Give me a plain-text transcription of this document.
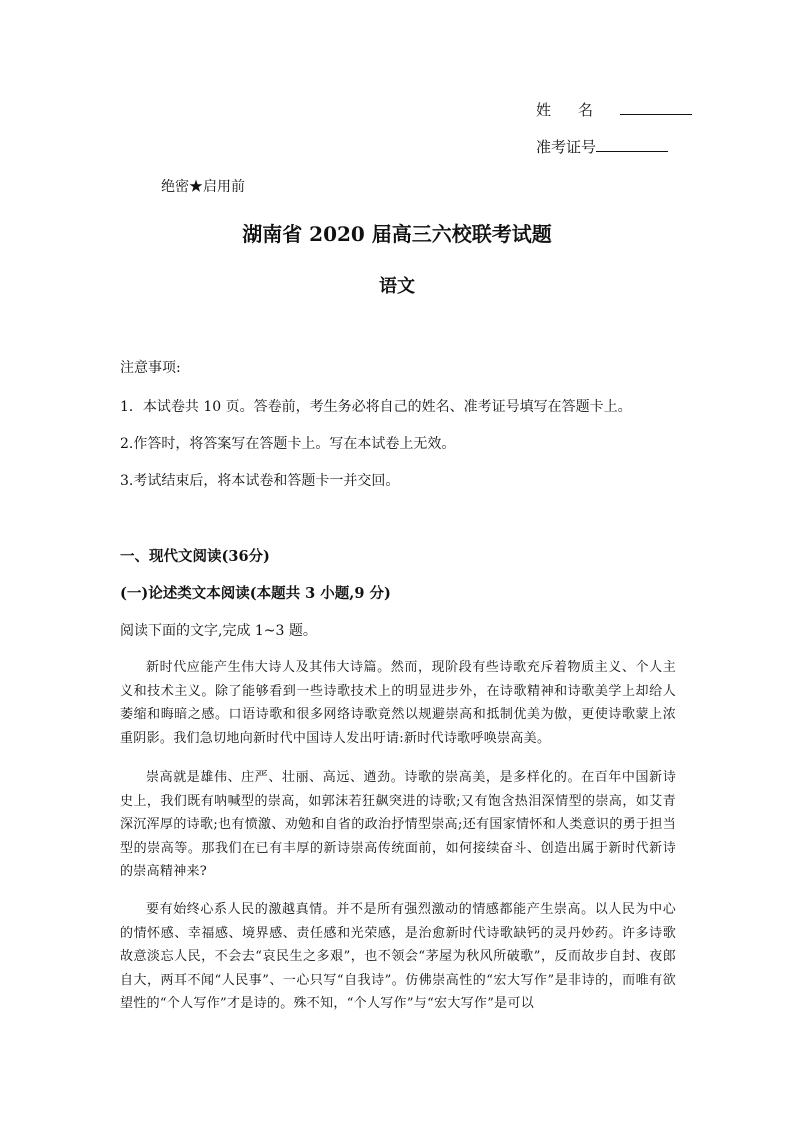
姓名
准考证号
绝密★启用前
湖南省 2020 届高三六校联考试题
语文
注意事项:
1．本试卷共 10 页。答卷前，考生务必将自己的姓名、准考证号填写在答题卡上。
2.作答时，将答案写在答题卡上。写在本试卷上无效。
3.考试结束后，将本试卷和答题卡一并交回。
一、现代文阅读(36分)
(一)论述类文本阅读(本题共 3 小题,9 分)
阅读下面的文字,完成 1~3 题。
新时代应能产生伟大诗人及其伟大诗篇。然而，现阶段有些诗歌充斥着物质主义、个人主义和技术主义。除了能够看到一些诗歌技术上的明显进步外，在诗歌精神和诗歌美学上却给人萎缩和晦暗之感。口语诗歌和很多网络诗歌竟然以规避崇高和抵制优美为傲，更使诗歌蒙上浓重阴影。我们急切地向新时代中国诗人发出吁请:新时代诗歌呼唤崇高美。
崇高就是雄伟、庄严、壮丽、高远、遒劲。诗歌的崇高美，是多样化的。在百年中国新诗史上，我们既有呐喊型的崇高，如郭沫若狂飙突进的诗歌;又有饱含热泪深情型的崇高，如艾青深沉浑厚的诗歌;也有愤激、劝勉和自省的政治抒情型崇高;还有国家情怀和人类意识的勇于担当型的崇高等。那我们在已有丰厚的新诗崇高传统面前，如何接续奋斗、创造出属于新时代新诗的崇高精神来?
要有始终心系人民的激越真情。并不是所有强烈激动的情感都能产生崇高。以人民为中心的情怀感、幸福感、境界感、责任感和光荣感，是治愈新时代诗歌缺钙的灵丹妙药。许多诗歌故意淡忘人民，不会去“哀民生之多艰”，也不领会“茅屋为秋风所破歌”，反而故步自封、夜郎自大，两耳不闻“人民事”、一心只写“自我诗”。仿佛崇高性的“宏大写作”是非诗的，而唯有欲望性的“个人写作”才是诗的。殊不知，“个人写作”与“宏大写作”是可以
